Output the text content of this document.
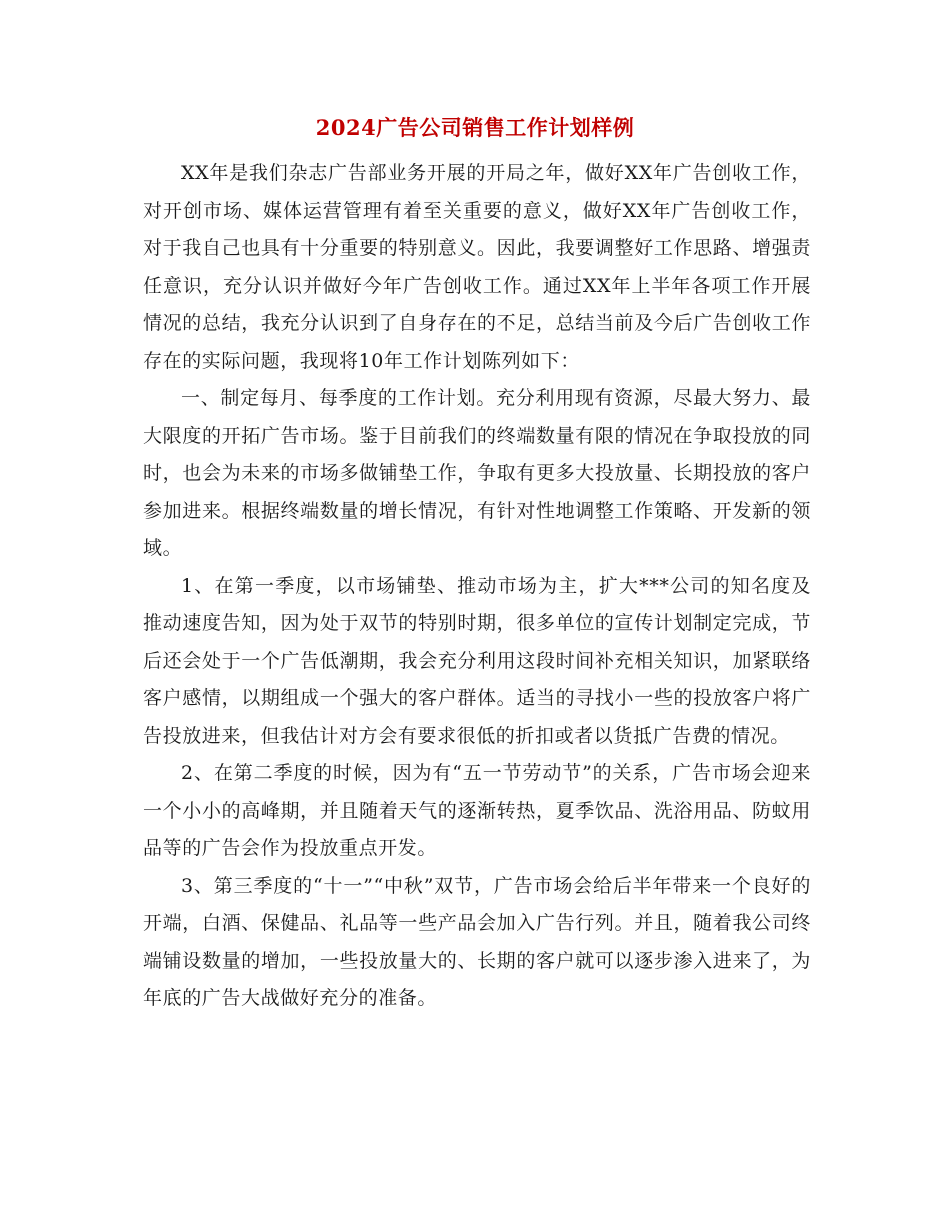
2024广告公司销售工作计划样例

XX年是我们杂志广告部业务开展的开局之年，做好XX年广告创收工作，对开创市场、媒体运营管理有着至关重要的意义，做好XX年广告创收工作，对于我自己也具有十分重要的特别意义。因此，我要调整好工作思路、增强责任意识，充分认识并做好今年广告创收工作。通过XX年上半年各项工作开展情况的总结，我充分认识到了自身存在的不足，总结当前及今后广告创收工作存在的实际问题，我现将10年工作计划陈列如下：

一、制定每月、每季度的工作计划。充分利用现有资源，尽最大努力、最大限度的开拓广告市场。鉴于目前我们的终端数量有限的情况在争取投放的同时，也会为未来的市场多做铺垫工作，争取有更多大投放量、长期投放的客户参加进来。根据终端数量的增长情况，有针对性地调整工作策略、开发新的领域。

1、在第一季度，以市场铺垫、推动市场为主，扩大***公司的知名度及推动速度告知，因为处于双节的特别时期，很多单位的宣传计划制定完成，节后还会处于一个广告低潮期，我会充分利用这段时间补充相关知识，加紧联络客户感情，以期组成一个强大的客户群体。适当的寻找小一些的投放客户将广告投放进来，但我估计对方会有要求很低的折扣或者以货抵广告费的情况。

2、在第二季度的时候，因为有“五一节劳动节”的关系，广告市场会迎来一个小小的高峰期，并且随着天气的逐渐转热，夏季饮品、洗浴用品、防蚊用品等的广告会作为投放重点开发。

3、第三季度的“十一”“中秋”双节，广告市场会给后半年带来一个良好的开端，白酒、保健品、礼品等一些产品会加入广告行列。并且，随着我公司终端铺设数量的增加，一些投放量大的、长期的客户就可以逐步渗入进来了，为年底的广告大战做好充分的准备。
